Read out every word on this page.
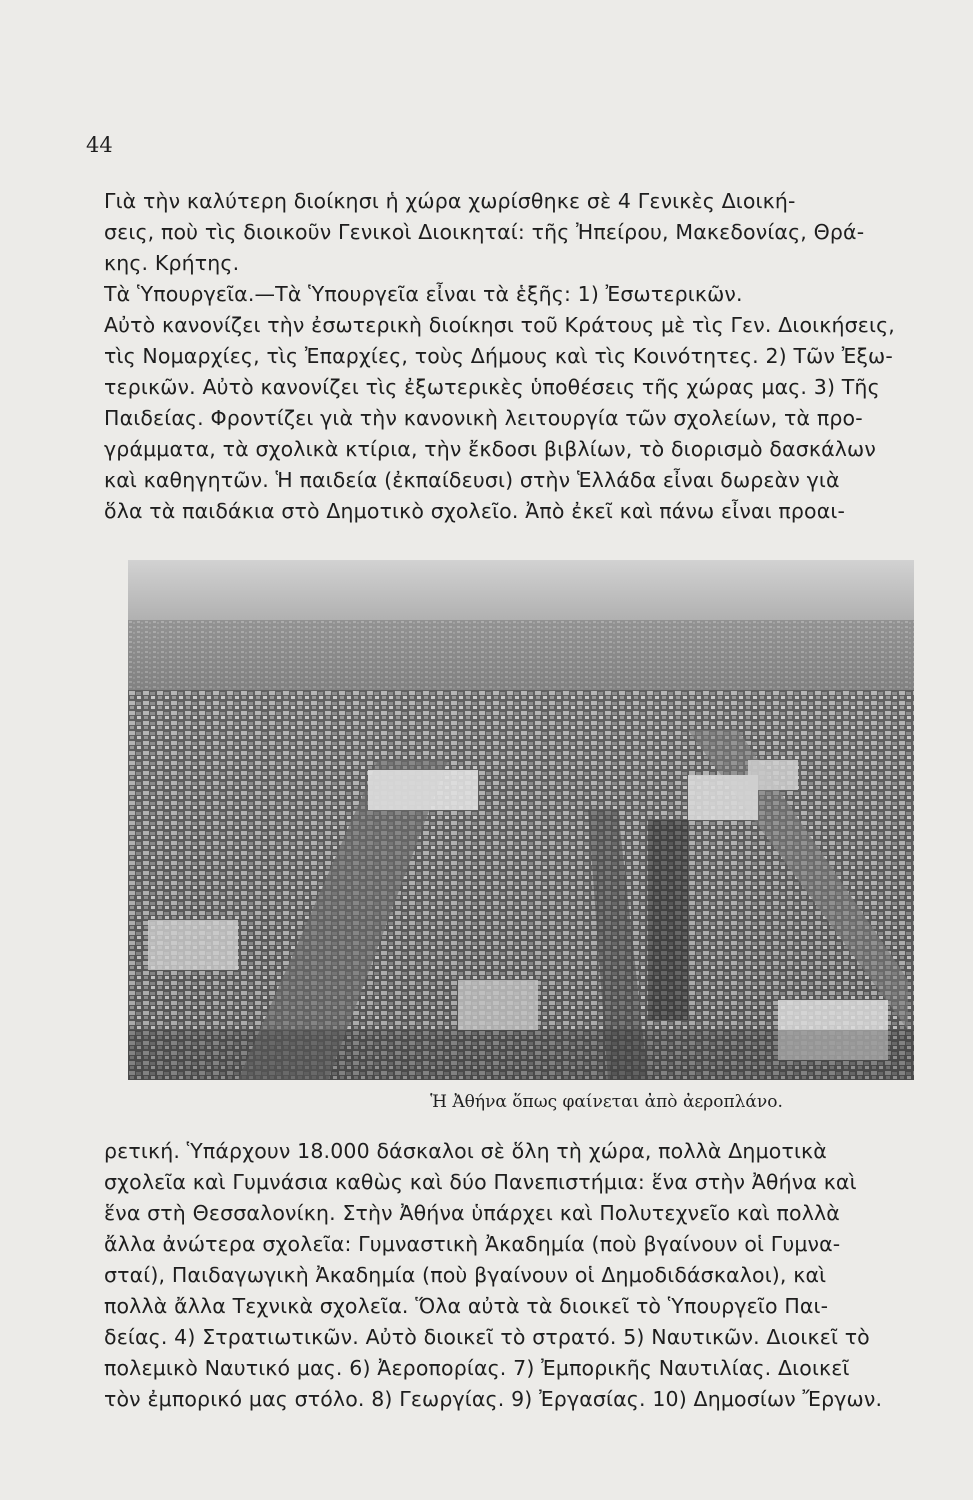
44
Γιὰ τὴν καλύτερη διοίκησι ἡ χώρα χωρίσθηκε σὲ 4 Γενικὲς Διοική-
σεις, ποὺ τὶς διοικοῦν Γενικοὶ Διοικηταί: τῆς Ἠπείρου, Μακεδονίας, Θρά-
κης. Κρήτης.
Τὰ Ὑπουργεῖα.—Τὰ Ὑπουργεῖα εἶναι τὰ ἑξῆς: 1) Ἐσωτερικῶν.
Αὐτὸ κανονίζει τὴν ἐσωτερικὴ διοίκησι τοῦ Κράτους μὲ τὶς Γεν. Διοικήσεις,
τὶς Νομαρχίες, τὶς Ἐπαρχίες, τοὺς Δήμους καὶ τὶς Κοινότητες. 2) Τῶν Ἐξω-
τερικῶν. Αὐτὸ κανονίζει τὶς ἐξωτερικὲς ὑποθέσεις τῆς χώρας μας. 3) Τῆς
Παιδείας. Φροντίζει γιὰ τὴν κανονικὴ λειτουργία τῶν σχολείων, τὰ προ-
γράμματα, τὰ σχολικὰ κτίρια, τὴν ἔκδοσι βιβλίων, τὸ διορισμὸ δασκάλων
καὶ καθηγητῶν. Ἡ παιδεία (ἐκπαίδευσι) στὴν Ἑλλάδα εἶναι δωρεὰν γιὰ
ὅλα τὰ παιδάκια στὸ Δημοτικὸ σχολεῖο. Ἀπὸ ἐκεῖ καὶ πάνω εἶναι προαι-
Ἡ Ἀθήνα ὅπως φαίνεται ἀπὸ ἀεροπλάνο.
ρετική. Ὑπάρχουν 18.000 δάσκαλοι σὲ ὅλη τὴ χώρα, πολλὰ Δημοτικὰ
σχολεῖα καὶ Γυμνάσια καθὼς καὶ δύο Πανεπιστήμια: ἕνα στὴν Ἀθήνα καὶ
ἕνα στὴ Θεσσαλονίκη. Στὴν Ἀθήνα ὑπάρχει καὶ Πολυτεχνεῖο καὶ πολλὰ
ἄλλα ἀνώτερα σχολεῖα: Γυμναστικὴ Ἀκαδημία (ποὺ βγαίνουν οἱ Γυμνα-
σταί), Παιδαγωγικὴ Ἀκαδημία (ποὺ βγαίνουν οἱ Δημοδιδάσκαλοι), καὶ
πολλὰ ἄλλα Τεχνικὰ σχολεῖα. Ὅλα αὐτὰ τὰ διοικεῖ τὸ Ὑπουργεῖο Παι-
δείας. 4) Στρατιωτικῶν. Αὐτὸ διοικεῖ τὸ στρατό. 5) Ναυτικῶν. Διοικεῖ τὸ
πολεμικὸ Ναυτικό μας. 6) Ἀεροπορίας. 7) Ἐμπορικῆς Ναυτιλίας. Διοικεῖ
τὸν ἐμπορικό μας στόλο. 8) Γεωργίας. 9) Ἐργασίας. 10) Δημοσίων Ἔργων.
